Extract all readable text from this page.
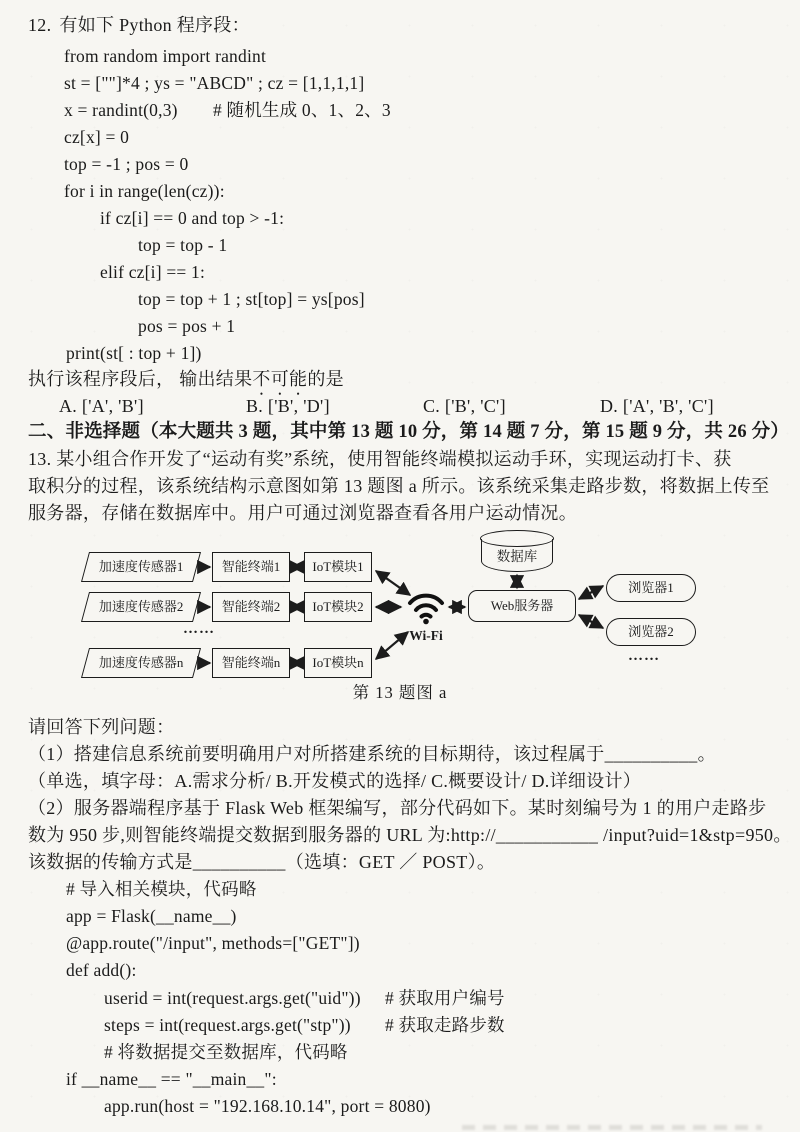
12. 有如下 Python 程序段：
from random import randint
st = [""]*4 ; ys = "ABCD" ; cz = [1,1,1,1]
x = randint(0,3) # 随机生成 0、1、2、3
cz[x] = 0
top = -1 ; pos = 0
for i in range(len(cz)):
if cz[i] == 0 and top > -1:
top = top - 1
elif cz[i] == 1:
top = top + 1 ; st[top] = ys[pos]
pos = pos + 1
print(st[ : top + 1])
执行该程序段后， 输出结果不可能的是
A. ['A', 'B']	B. ['B', 'D']	C. ['B', 'C']	D. ['A', 'B', 'C']
二、非选择题（本大题共 3 题，其中第 13 题 10 分，第 14 题 7 分，第 15 题 9 分，共 26 分）
13. 某小组合作开发了“运动有奖”系统，使用智能终端模拟运动手环，实现运动打卡、获
取积分的过程，该系统结构示意图如第 13 题图 a 所示。该系统采集走路步数，将数据上传至
服务器，存储在数据库中。用户可通过浏览器查看各用户运动情况。
加速度传感器1
加速度传感器2
加速度传感器n
智能终端1
智能终端2
智能终端n
IoT模块1
IoT模块2
IoT模块n
……	Wi-Fi
数据库
Web服务器
浏览器1
浏览器2
……
第 13 题图 a
请回答下列问题：
（1）搭建信息系统前要明确用户对所搭建系统的目标期待，该过程属于__________。
（单选，填字母：A.需求分析/ B.开发模式的选择/ C.概要设计/ D.详细设计）
（2）服务器端程序基于 Flask Web 框架编写，部分代码如下。某时刻编号为 1 的用户走路步
数为 950 步,则智能终端提交数据到服务器的 URL 为:http://___________ /input?uid=1&stp=950。
该数据的传输方式是__________（选填：GET ／ POST）。
# 导入相关模块，代码略
app = Flask(__name__)
@app.route("/input", methods=["GET"])
def add():
userid = int(request.args.get("uid")) # 获取用户编号
steps = int(request.args.get("stp")) # 获取走路步数
# 将数据提交至数据库，代码略
if __name__ == "__main__":
app.run(host = "192.168.10.14", port = 8080)
